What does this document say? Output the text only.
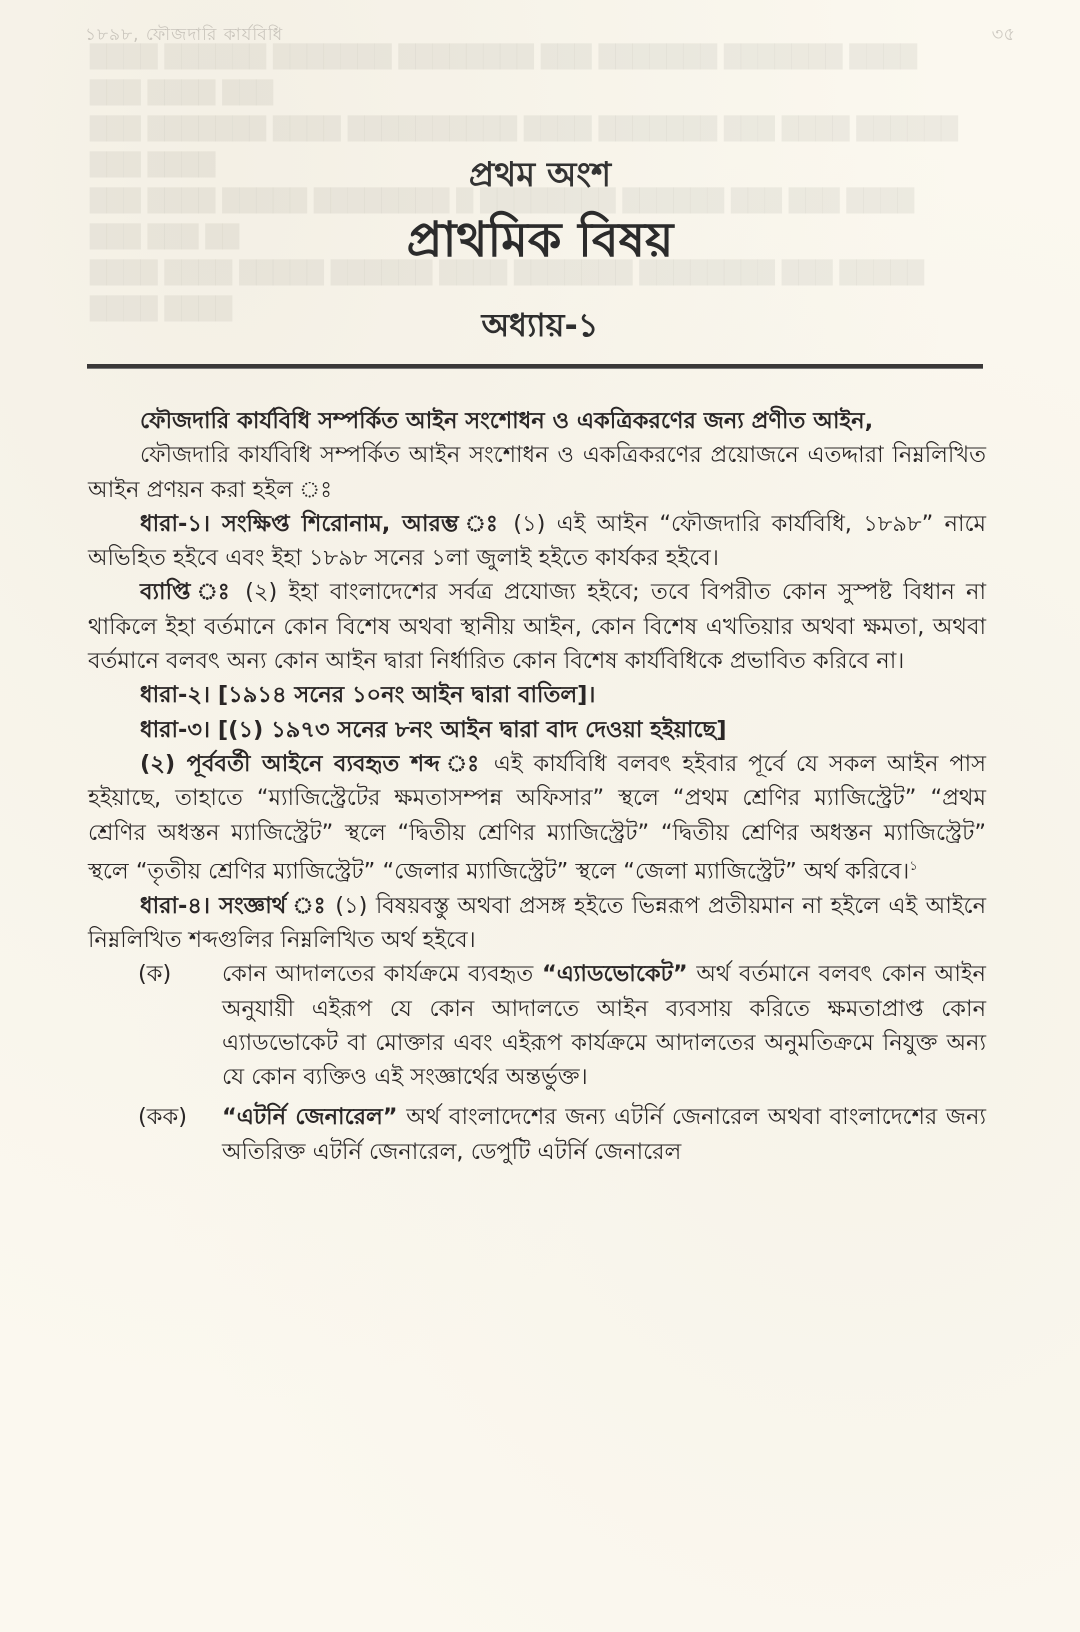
████ ██████ ███████ ████████ ███ ███████ ███████ ████ ███ ████ ███
███ ███████ ████ ██████████ ████ ███████ ███ ████ ██████ ███ ████
███ ████ █████ ████████ █ ████████ ██████ ███ ███ ████ ███ ███ ██
████ ████ █████ ██████ ████ ███████ ████████ ███ █████ ████ ████
১৮৯৮, ফৌজদারি কার্যবিধি	৩৫
প্রথম অংশ
প্রাথমিক বিষয়
অধ্যায়-১

ফৌজদারি কার্যবিধি সম্পর্কিত আইন সংশোধন ও একত্রিকরণের জন্য প্রণীত আইন,

ফৌজদারি কার্যবিধি সম্পর্কিত আইন সংশোধন ও একত্রিকরণের প্রয়োজনে এতদ্দারা নিম্নলিখিত আইন প্রণয়ন করা হইল ঃ

ধারা-১। সংক্ষিপ্ত শিরোনাম, আরম্ভ ঃ (১) এই আইন “ফৌজদারি কার্যবিধি, ১৮৯৮” নামে অভিহিত হইবে এবং ইহা ১৮৯৮ সনের ১লা জুলাই হইতে কার্যকর হইবে।

ব্যাপ্তি ঃ (২) ইহা বাংলাদেশের সর্বত্র প্রযোজ্য হইবে; তবে বিপরীত কোন সুস্পষ্ট বিধান না থাকিলে ইহা বর্তমানে কোন বিশেষ অথবা স্থানীয় আইন, কোন বিশেষ এখতিয়ার অথবা ক্ষমতা, অথবা বর্তমানে বলবৎ অন্য কোন আইন দ্বারা নির্ধারিত কোন বিশেষ কার্যবিধিকে প্রভাবিত করিবে না।

ধারা-২। [১৯১৪ সনের ১০নং আইন দ্বারা বাতিল]।

ধারা-৩। [(১) ১৯৭৩ সনের ৮নং আইন দ্বারা বাদ দেওয়া হইয়াছে]

(২) পূর্ববর্তী আইনে ব্যবহৃত শব্দ ঃ এই কার্যবিধি বলবৎ হইবার পূর্বে যে সকল আইন পাস হইয়াছে, তাহাতে “ম্যাজিস্ট্রেটের ক্ষমতাসম্পন্ন অফিসার” স্থলে “প্রথম শ্রেণির ম্যাজিস্ট্রেট” “প্রথম শ্রেণির অধস্তন ম্যাজিস্ট্রেট” স্থলে “দ্বিতীয় শ্রেণির ম্যাজিস্ট্রেট” “দ্বিতীয় শ্রেণির অধস্তন ম্যাজিস্ট্রেট” স্থলে “তৃতীয় শ্রেণির ম্যাজিস্ট্রেট” “জেলার ম্যাজিস্ট্রেট” স্থলে “জেলা ম্যাজিস্ট্রেট” অর্থ করিবে।$^১$

ধারা-৪। সংজ্ঞার্থ ঃ (১) বিষয়বস্তু অথবা প্রসঙ্গ হইতে ভিন্নরূপ প্রতীয়মান না হইলে এই আইনে নিম্নলিখিত শব্দগুলির নিম্নলিখিত অর্থ হইবে।

(ক)	কোন আদালতের কার্যক্রমে ব্যবহৃত “এ্যাডভোকেট” অর্থ বর্তমানে বলবৎ কোন আইন অনুযায়ী এইরূপ যে কোন আদালতে আইন ব্যবসায় করিতে ক্ষমতাপ্রাপ্ত কোন এ্যাডভোকেট বা মোক্তার এবং এইরূপ কার্যক্রমে আদালতের অনুমতিক্রমে নিযুক্ত অন্য যে কোন ব্যক্তিও এই সংজ্ঞার্থের অন্তর্ভুক্ত।
(কক)	“এটর্নি জেনারেল” অর্থ বাংলাদেশের জন্য এটর্নি জেনারেল অথবা বাংলাদেশের জন্য অতিরিক্ত এটর্নি জেনারেল, ডেপুটি এটর্নি জেনারেল
